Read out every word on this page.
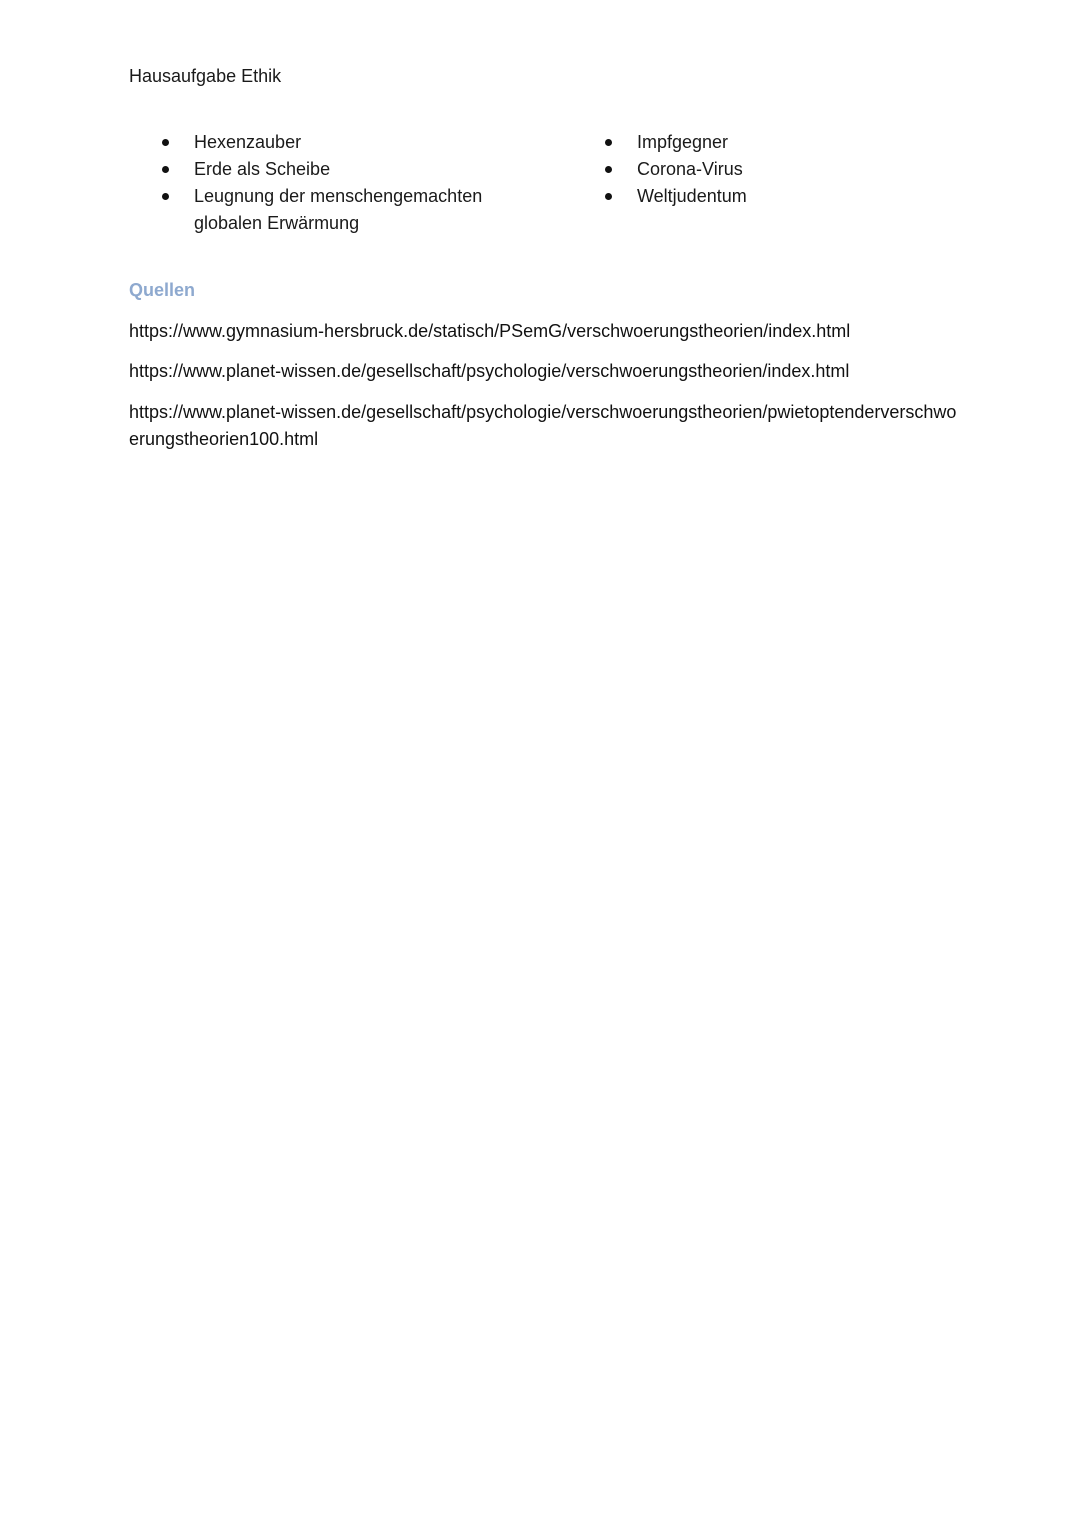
Hausaufgabe Ethik
Hexenzauber
Erde als Scheibe
Leugnung der menschengemachten globalen Erwärmung
Impfgegner
Corona-Virus
Weltjudentum
Quellen
https://www.gymnasium-hersbruck.de/statisch/PSemG/verschwoerungstheorien/index.html
https://www.planet-wissen.de/gesellschaft/psychologie/verschwoerungstheorien/index.html
https://www.planet-wissen.de/gesellschaft/psychologie/verschwoerungstheorien/pwietoptenderverschwoerungstheorien100.html
